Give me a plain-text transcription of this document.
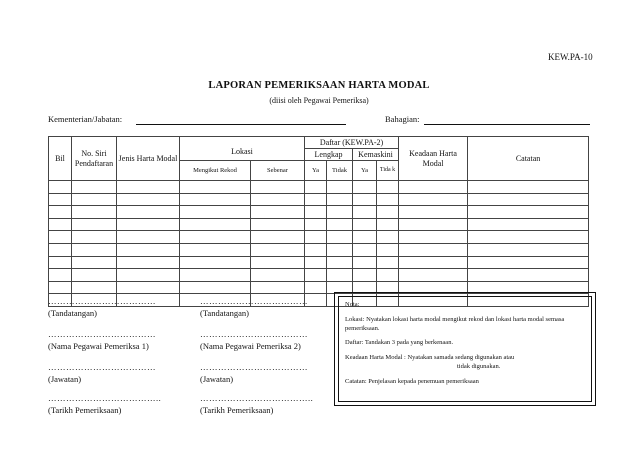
KEW.PA-10
LAPORAN PEMERIKSAAN HARTA MODAL
(diisi oleh Pegawai Pemeriksa)
Kementerian/Jabatan:	Bahagian:
Bil	No. Siri Pendaftaran	Jenis Harta Modal	Lokasi		Daftar (KEW.PA-2)				Keadaan Harta Modal	Catatan
					Lengkap		Kemaskini			
			Mengikut Rekod	Sebenar	Ya	Tidak	Ya	Tida k		

………………………………
(Tandatangan)
………………………………
(Nama Pegawai Pemeriksa 1)
………………………………
(Jawatan)
………………………………..
(Tarikh Pemeriksaan)
………………………………
(Tandatangan)
………………………………
(Nama Pegawai Pemeriksa 2)
………………………………
(Jawatan)
………………………………..
(Tarikh Pemeriksaan)

Nota:

Lokasi: Nyatakan lokasi harta modal mengikut rekod dan lokasi harta modal semasa pemeriksaan.

Daftar: Tandakan 3 pada yang berkenaan.

Keadaan Harta Modal : Nyatakan samada sedang digunakan atau

tidak digunakan.

Catatan: Penjelasan kepada penemuan pemeriksaan
